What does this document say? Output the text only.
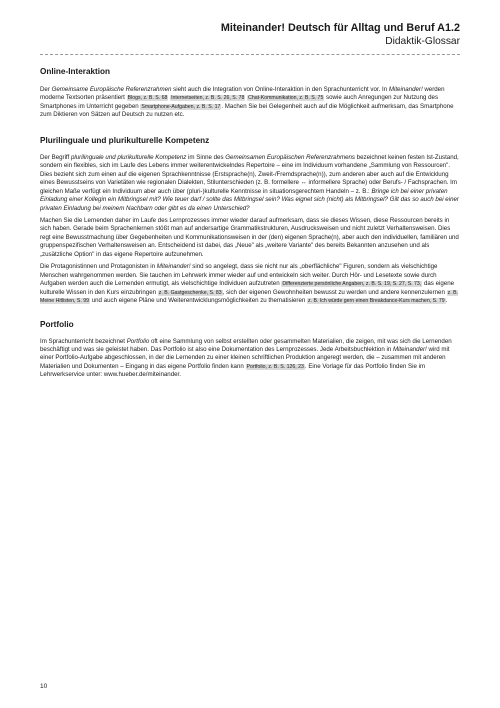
Miteinander! Deutsch für Alltag und Beruf A1.2
Didaktik-Glossar
Online-Interaktion

Der Gemeinsame Europäische Referenzrahmen sieht auch die Integration von Online-Interaktion in den Sprachunterricht vor. In Miteinander! werden moderne Textsorten präsentiert Blogs, z. B. S. 68 Internetseiten, z. B. S. 26, S. 78 Chat-Kommunikation, z. B. S. 75 sowie auch Anregungen zur Nutzung des Smartphones im Unterricht gegeben Smartphone-Aufgaben, z. B. S. 17. Machen Sie bei Gelegenheit auch auf die Möglichkeit aufmerksam, das Smartphone zum Diktieren von Sätzen auf Deutsch zu nutzen etc.

Plurilinguale und plurikulturelle Kompetenz

Der Begriff plurilinguale und plurikulturelle Kompetenz im Sinne des Gemeinsamen Europäischen Referenzrahmens bezeichnet keinen festen Ist-Zustand, sondern ein flexibles, sich im Laufe des Lebens immer weiterentwickelndes Repertoire – eine im Individuum vorhandene „Sammlung von Ressourcen". Dies bezieht sich zum einen auf die eigenen Sprachkenntnisse (Erstsprache(n), Zweit-/Fremdsprache(n)), zum anderen aber auch auf die Entwicklung eines Bewusstseins von Varietäten wie regionalen Dialekten, Stilunterschieden (z. B. formellere ↔ informellere Sprache) oder Berufs- / Fachsprachen. Im gleichen Maße verfügt ein Individuum aber auch über (pluri-)kulturelle Kenntnisse in situationsgerechtem Handeln – z. B.: Bringe ich bei einer privaten Einladung einer Kollegin ein Mitbringsel mit? Wie teuer darf / sollte das Mitbringsel sein? Was eignet sich (nicht) als Mitbringsel? Gilt das so auch bei einer privaten Einladung bei meinem Nachbarn oder gibt es da einen Unterschied?

Machen Sie die Lernenden daher im Laufe des Lernprozesses immer wieder darauf aufmerksam, dass sie dieses Wissen, diese Ressourcen bereits in sich haben. Gerade beim Sprachenlernen stößt man auf andersartige Grammatikstrukturen, Ausdrucksweisen und nicht zuletzt Verhaltensweisen. Dies regt eine Bewusstmachung über Gegebenheiten und Kommunikationsweisen in der (den) eigenen Sprache(n), aber auch den individuellen, familiären und gruppenspezifischen Verhaltensweisen an. Entscheidend ist dabei, das „Neue" als „weitere Variante" des bereits Bekannten anzusehen und als „zusätzliche Option" in das eigene Repertoire aufzunehmen.

Die Protagonistinnen und Protagonisten in Miteinander! sind so angelegt, dass sie nicht nur als „oberflächliche" Figuren, sondern als vielschichtige Menschen wahrgenommen werden. Sie tauchen im Lehrwerk immer wieder auf und entwickeln sich weiter. Durch Hör- und Lesetexte sowie durch Aufgaben werden auch die Lernenden ermutigt, als vielschichtige Individuen aufzutreten Differenzierte persönliche Angaben, z. B. S. 19, S. 27, S. 73, das eigene kulturelle Wissen in den Kurs einzubringen z. B. Gastgeschenke, S. 83, sich der eigenen Gewohnheiten bewusst zu werden und andere kennenzulernen z. B. Meine Hitlisten, S. 99 und auch eigene Pläne und Weiterentwicklungsmöglichkeiten zu thematisieren z. B. Ich würde gern einen Breakdance-Kurs machen, S. 79.

Portfolio

Im Sprachunterricht bezeichnet Portfolio oft eine Sammlung von selbst erstellten oder gesammelten Materialien, die zeigen, mit was sich die Lernenden beschäftigt und was sie geleistet haben. Das Portfolio ist also eine Dokumentation des Lernprozesses. Jede Arbeitsbuchlektion in Miteinander! wird mit einer Portfolio-Aufgabe abgeschlossen, in der die Lernenden zu einer kleinen schriftlichen Produktion angeregt werden, die – zusammen mit anderen Materialien und Dokumenten – Eingang in das eigene Portfolio finden kann Portfolio, z. B. S. 126, 23. Eine Vorlage für das Portfolio finden Sie im Lehrwerkservice unter: www.hueber.de/miteinander.

10
